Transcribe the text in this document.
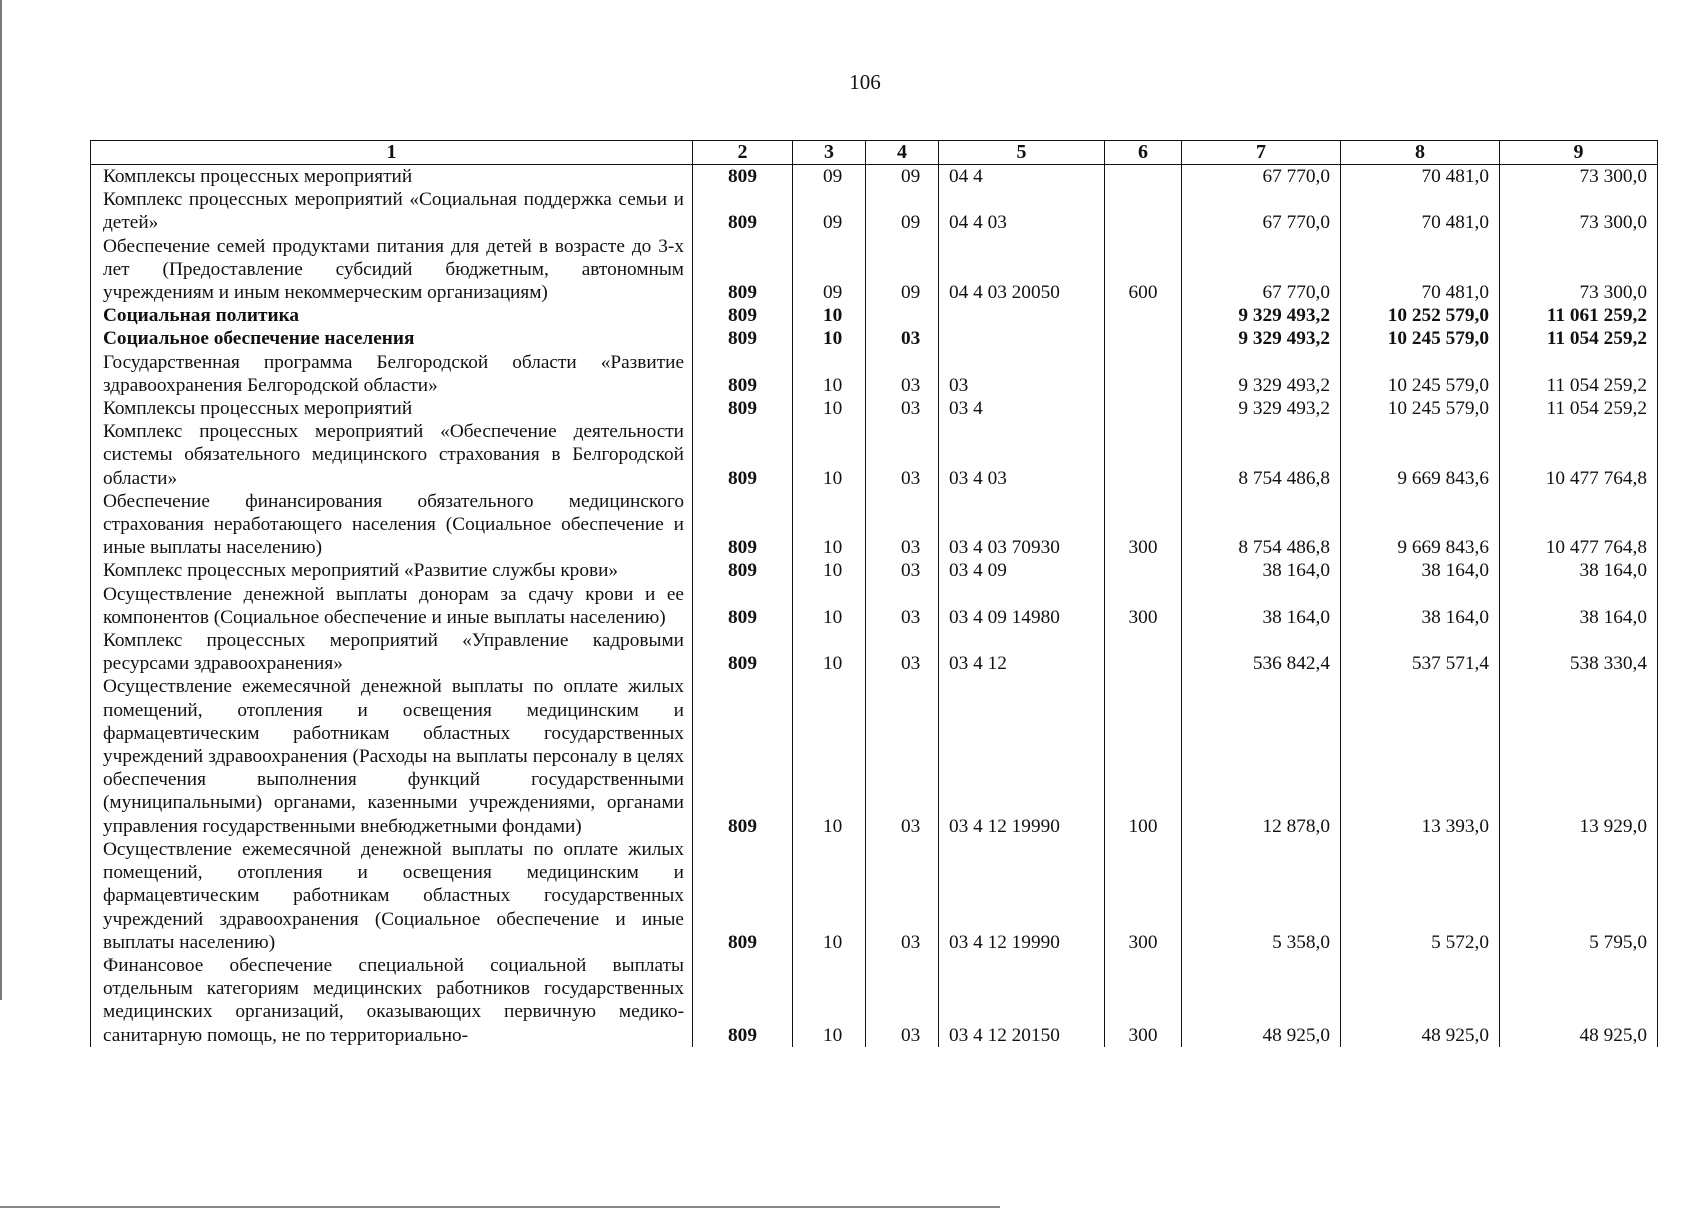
106
1	2	3	4	5	6	7	8	9
Комплексы процессных мероприятий	809	09	09	04 4		67 770,0	70 481,0	73 300,0
Комплекс процессных мероприятий «Социальная поддержка семьи и детей»	809	09	09	04 4 03		67 770,0	70 481,0	73 300,0
Обеспечение семей продуктами питания для детей в возрасте до 3-х лет (Предоставление субсидий бюджетным, автономным учреждениям и иным некоммерческим организациям)	809	09	09	04 4 03 20050	600	67 770,0	70 481,0	73 300,0
Социальная политика	809	10				9 329 493,2	10 252 579,0	11 061 259,2
Социальное обеспечение населения	809	10	03			9 329 493,2	10 245 579,0	11 054 259,2
Государственная программа Белгородской области «Развитие здравоохранения Белгородской области»	809	10	03	03		9 329 493,2	10 245 579,0	11 054 259,2
Комплексы процессных мероприятий	809	10	03	03 4		9 329 493,2	10 245 579,0	11 054 259,2
Комплекс процессных мероприятий «Обеспечение деятельности системы обязательного медицинского страхования в Белгородской области»	809	10	03	03 4 03		8 754 486,8	9 669 843,6	10 477 764,8
Обеспечение финансирования обязательного медицинского страхования неработающего населения (Социальное обеспечение и иные выплаты населению)	809	10	03	03 4 03 70930	300	8 754 486,8	9 669 843,6	10 477 764,8
Комплекс процессных мероприятий «Развитие службы крови»	809	10	03	03 4 09		38 164,0	38 164,0	38 164,0
Осуществление денежной выплаты донорам за сдачу крови и ее компонентов (Социальное обеспечение и иные выплаты населению)	809	10	03	03 4 09 14980	300	38 164,0	38 164,0	38 164,0
Комплекс процессных мероприятий «Управление кадровыми ресурсами здравоохранения»	809	10	03	03 4 12		536 842,4	537 571,4	538 330,4
Осуществление ежемесячной денежной выплаты по оплате жилых помещений, отопления и освещения медицинским и фармацевтическим работникам областных государственных учреждений здравоохранения (Расходы на выплаты персоналу в целях обеспечения выполнения функций государственными (муниципальными) органами, казенными учреждениями, органами управления государственными внебюджетными фондами)	809	10	03	03 4 12 19990	100	12 878,0	13 393,0	13 929,0
Осуществление ежемесячной денежной выплаты по оплате жилых помещений, отопления и освещения медицинским и фармацевтическим работникам областных государственных учреждений здравоохранения (Социальное обеспечение и иные выплаты населению)	809	10	03	03 4 12 19990	300	5 358,0	5 572,0	5 795,0
Финансовое обеспечение специальной социальной выплаты отдельным категориям медицинских работников государственных медицинских организаций, оказывающих первичную медико-санитарную помощь, не по территориально-	809	10	03	03 4 12 20150	300	48 925,0	48 925,0	48 925,0
